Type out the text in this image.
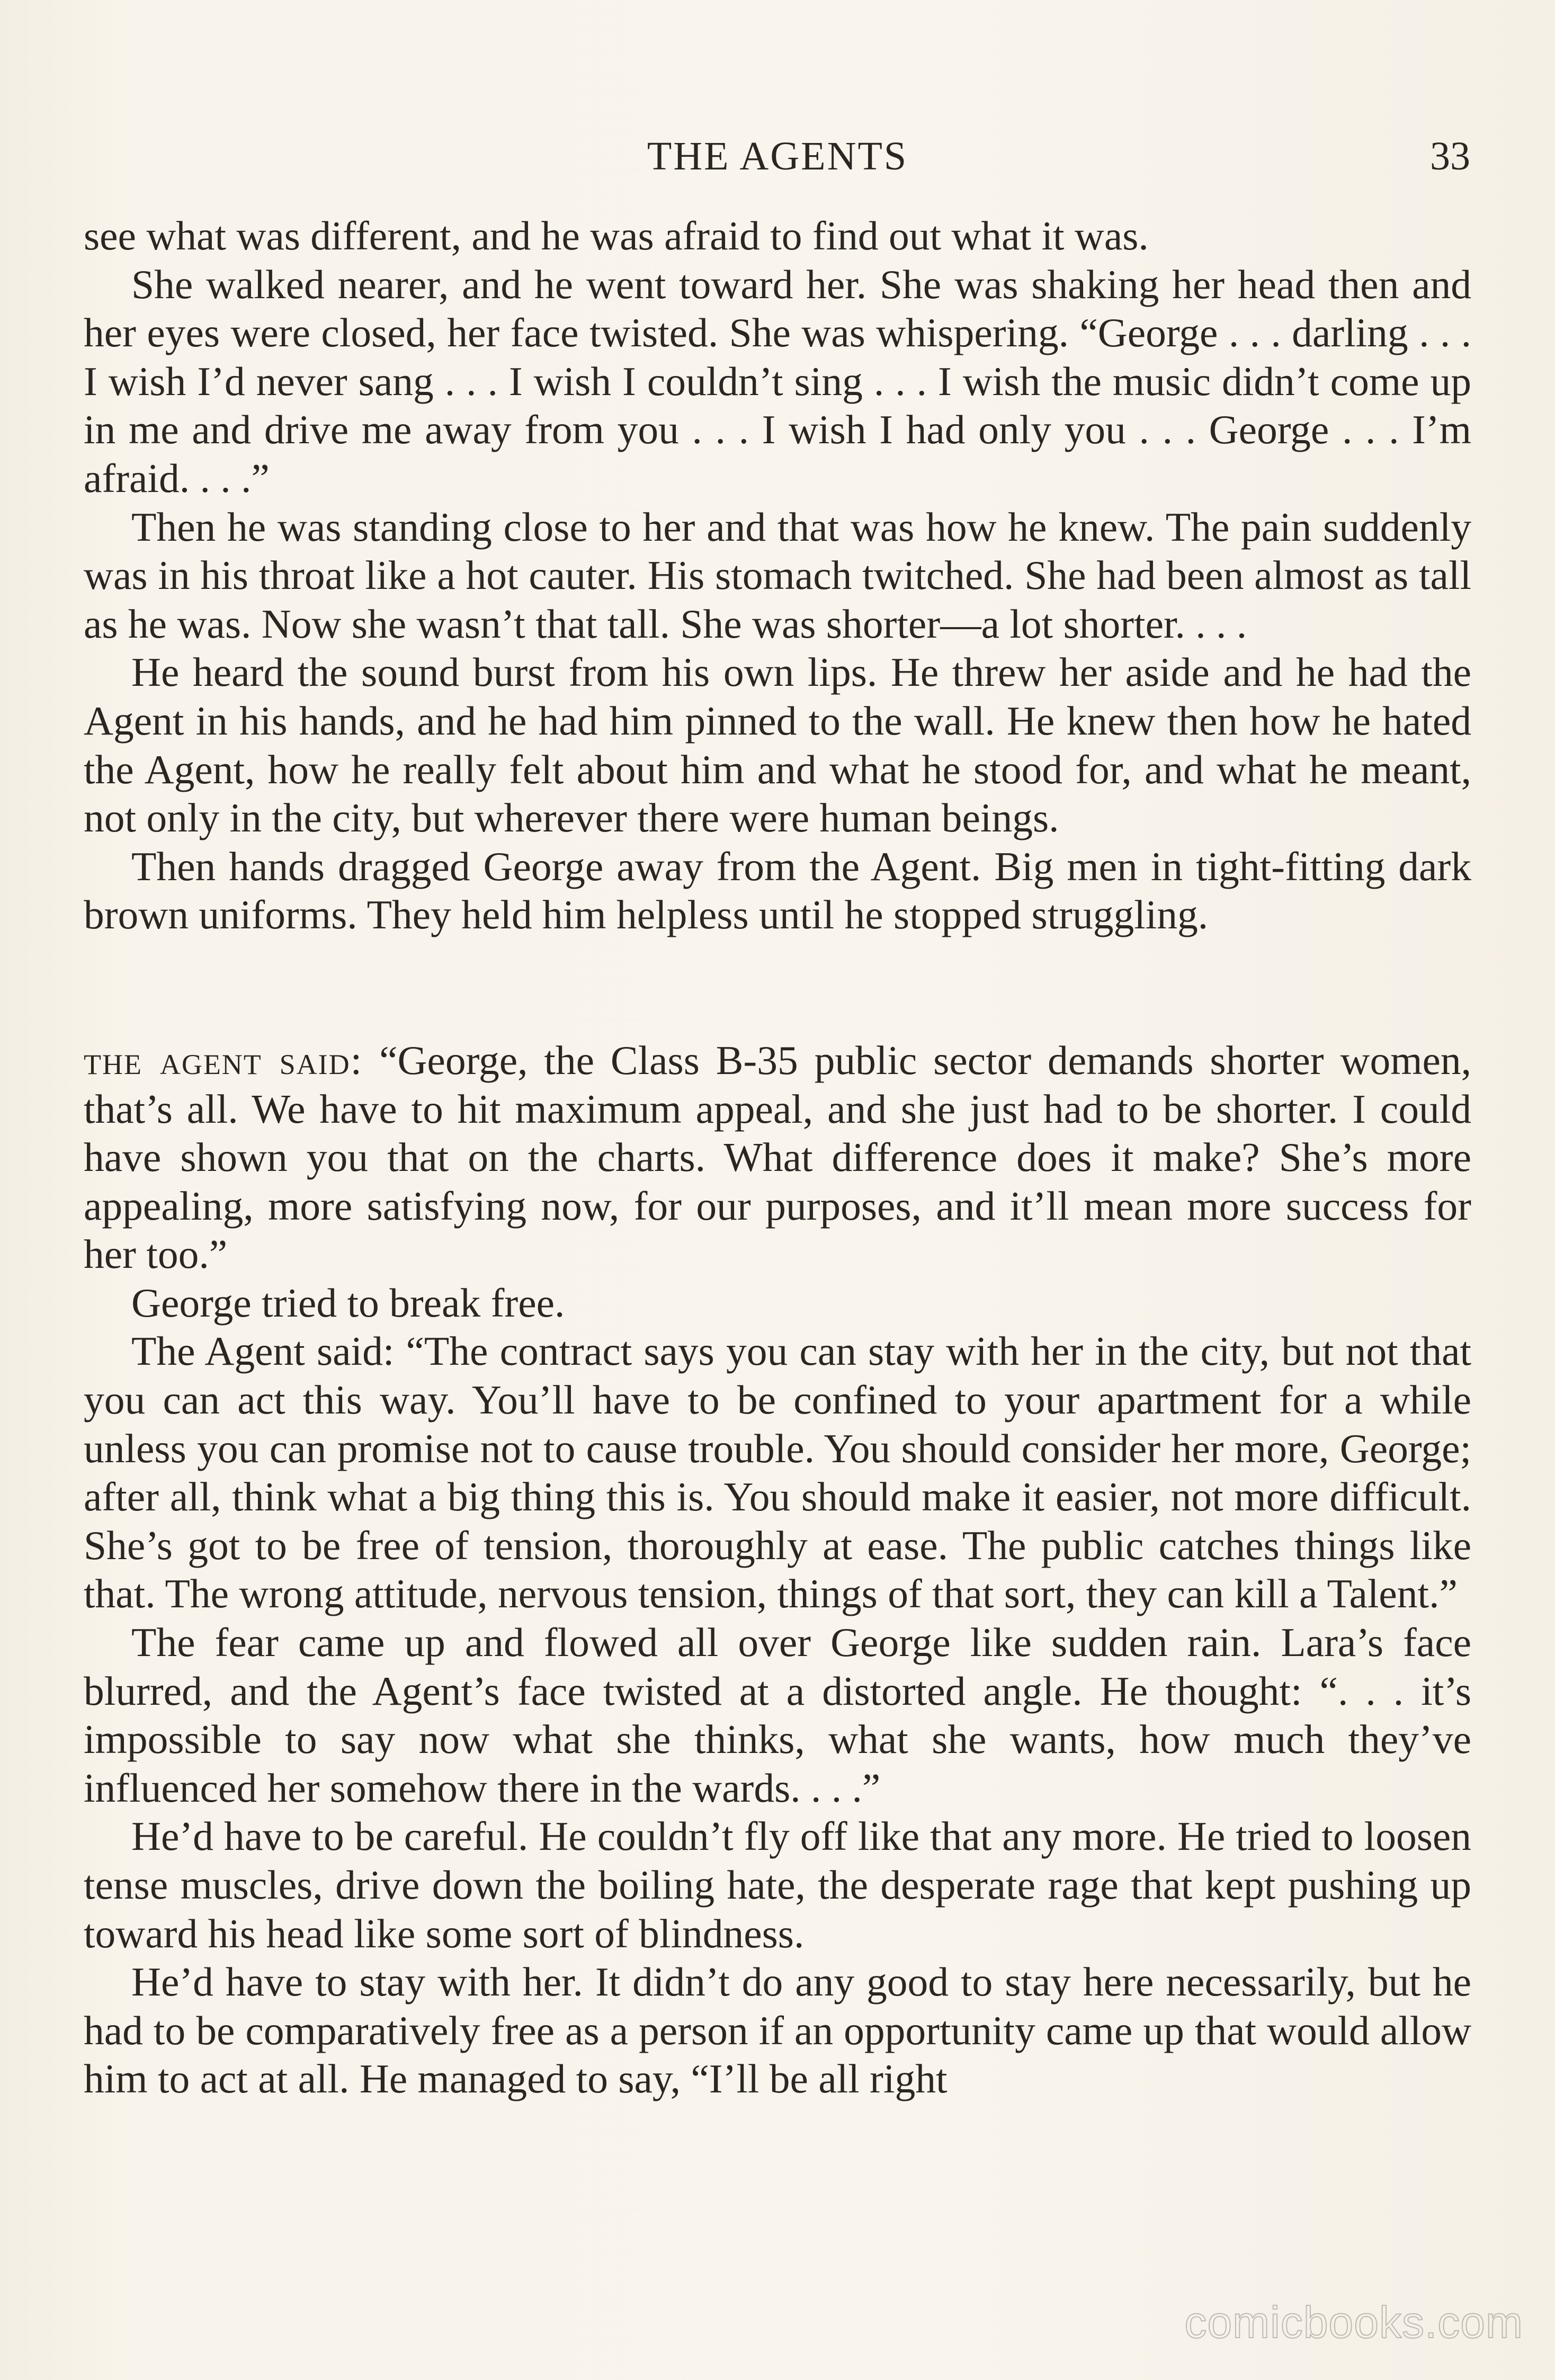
THE AGENTS	33

see what was different, and he was afraid to find out what it was.

She walked nearer, and he went toward her. She was shaking her head then and her eyes were closed, her face twisted. She was whispering. “George . . . darling . . . I wish I’d never sang . . . I wish I couldn’t sing . . . I wish the music didn’t come up in me and drive me away from you . . . I wish I had only you . . . George . . . I’m afraid. . . .”

Then he was standing close to her and that was how he knew. The pain suddenly was in his throat like a hot cauter. His stomach twitched. She had been almost as tall as he was. Now she wasn’t that tall. She was shorter—a lot shorter. . . .

He heard the sound burst from his own lips. He threw her aside and he had the Agent in his hands, and he had him pinned to the wall. He knew then how he hated the Agent, how he really felt about him and what he stood for, and what he meant, not only in the city, but wherever there were human beings.

Then hands dragged George away from the Agent. Big men in tight-fitting dark brown uniforms. They held him helpless until he stopped struggling.

the agent said: “George, the Class B-35 public sector demands shorter women, that’s all. We have to hit maximum appeal, and she just had to be shorter. I could have shown you that on the charts. What difference does it make? She’s more appealing, more satisfying now, for our purposes, and it’ll mean more success for her too.”

George tried to break free.

The Agent said: “The contract says you can stay with her in the city, but not that you can act this way. You’ll have to be confined to your apartment for a while unless you can promise not to cause trouble. You should consider her more, George; after all, think what a big thing this is. You should make it easier, not more difficult. She’s got to be free of tension, thoroughly at ease. The public catches things like that. The wrong attitude, nervous tension, things of that sort, they can kill a Talent.”

The fear came up and flowed all over George like sudden rain. Lara’s face blurred, and the Agent’s face twisted at a distorted angle. He thought: “. . . it’s impossible to say now what she thinks, what she wants, how much they’ve influenced her somehow there in the wards. . . .”

He’d have to be careful. He couldn’t fly off like that any more. He tried to loosen tense muscles, drive down the boiling hate, the desperate rage that kept pushing up toward his head like some sort of blindness.

He’d have to stay with her. It didn’t do any good to stay here necessarily, but he had to be comparatively free as a person if an opportunity came up that would allow him to act at all. He managed to say, “I’ll be all right

comicbooks.com
